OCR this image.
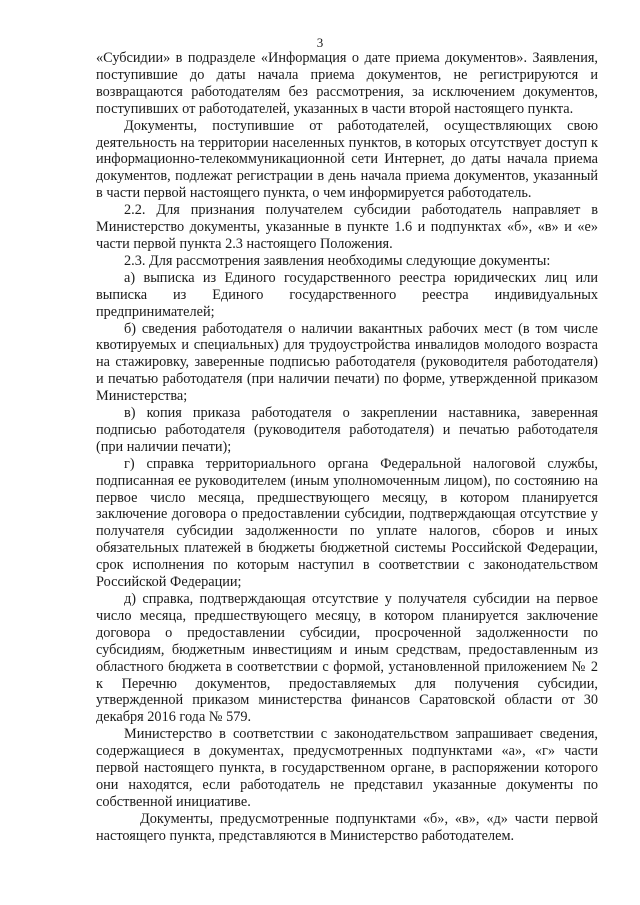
3

«Субсидии» в подразделе «Информация о дате приема документов». Заявления, поступившие до даты начала приема документов, не регистрируются и возвращаются работодателям без рассмотрения, за исключением документов, поступивших от работодателей, указанных в части второй настоящего пункта.

Документы, поступившие от работодателей, осуществляющих свою деятельность на территории населенных пунктов, в которых отсутствует доступ к информационно-телекоммуникационной сети Интернет, до даты начала приема документов, подлежат регистрации в день начала приема документов, указанный в части первой настоящего пункта, о чем информируется работодатель.

2.2. Для признания получателем субсидии работодатель направляет в Министерство документы, указанные в пункте 1.6 и подпунктах «б», «в» и «е» части первой пункта 2.3 настоящего Положения.

2.3. Для рассмотрения заявления необходимы следующие документы:

а) выписка из Единого государственного реестра юридических лиц или выписка из Единого государственного реестра индивидуальных предпринимателей;

б) сведения работодателя о наличии вакантных рабочих мест (в том числе квотируемых и специальных) для трудоустройства инвалидов молодого возраста на стажировку, заверенные подписью работодателя (руководителя работодателя) и печатью работодателя (при наличии печати) по форме, утвержденной приказом Министерства;

в) копия приказа работодателя о закреплении наставника, заверенная подписью работодателя (руководителя работодателя) и печатью работодателя (при наличии печати);

г) справка территориального органа Федеральной налоговой службы, подписанная ее руководителем (иным уполномоченным лицом), по состоянию на первое число месяца, предшествующего месяцу, в котором планируется заключение договора о предоставлении субсидии, подтверждающая отсутствие у получателя субсидии задолженности по уплате налогов, сборов и иных обязательных платежей в бюджеты бюджетной системы Российской Федерации, срок исполнения по которым наступил в соответствии с законодательством Российской Федерации;

д) справка, подтверждающая отсутствие у получателя субсидии на первое число месяца, предшествующего месяцу, в котором планируется заключение договора о предоставлении субсидии, просроченной задолженности по субсидиям, бюджетным инвестициям и иным средствам, предоставленным из областного бюджета в соответствии с формой, установленной приложением № 2 к Перечню документов, предоставляемых для получения субсидии, утвержденной приказом министерства финансов Саратовской области от 30 декабря 2016 года № 579.

Министерство в соответствии с законодательством запрашивает сведения, содержащиеся в документах, предусмотренных подпунктами «а», «г» части первой настоящего пункта, в государственном органе, в распоряжении которого они находятся, если работодатель не представил указанные документы по собственной инициативе.

Документы, предусмотренные подпунктами «б», «в», «д» части первой настоящего пункта, представляются в Министерство работодателем.
